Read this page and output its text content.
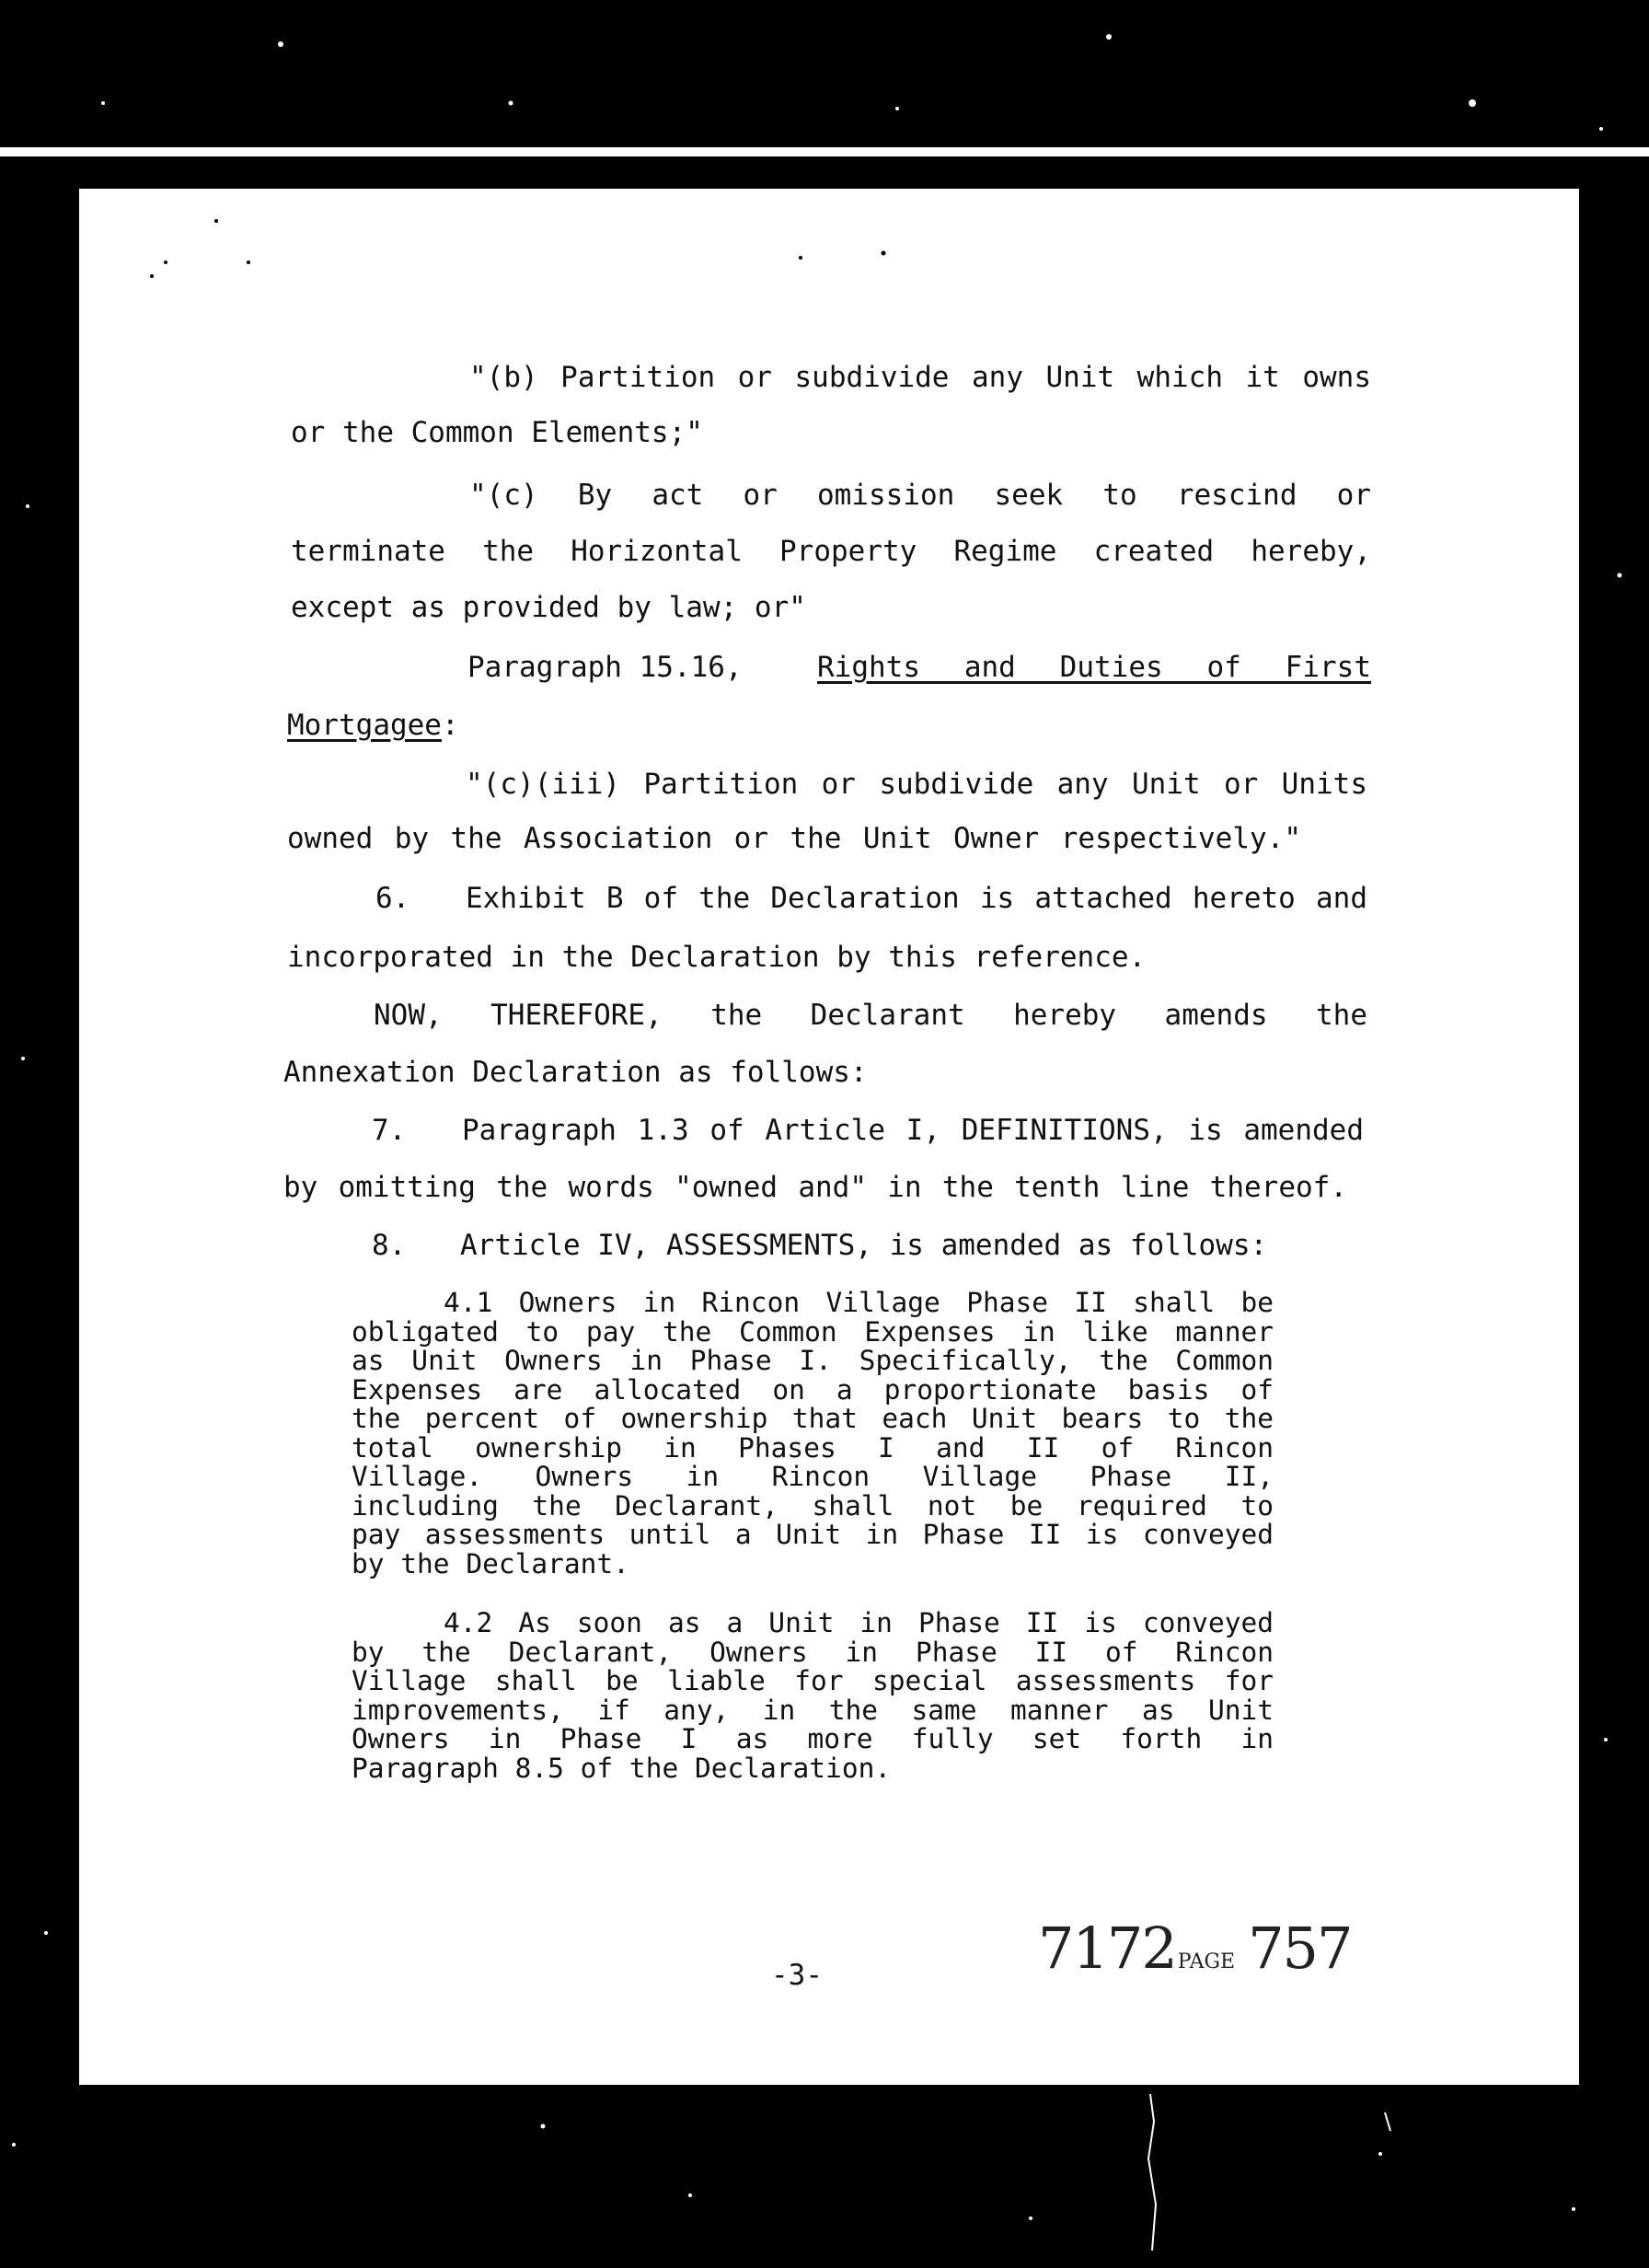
"(b) Partition or subdivide any Unit which it owns
or the Common Elements;"
"(c) By act or omission seek to rescind or
terminate the Horizontal Property Regime created hereby,
except as provided by law; or"
Paragraph 15.16,	Rights and Duties of First
Mortgagee:
"(c)(iii) Partition or subdivide any Unit or Units
owned by the Association or the Unit Owner respectively."
6. Exhibit B of the Declaration is attached hereto and
incorporated in the Declaration by this reference.
NOW, THEREFORE, the Declarant hereby amends the
Annexation Declaration as follows:
7. Paragraph 1.3 of Article I, DEFINITIONS, is amended
by omitting the words "owned and" in the tenth line thereof.
8. Article IV, ASSESSMENTS, is amended as follows:
4.1 Owners in Rincon Village Phase II shall be
obligated to pay the Common Expenses in like manner
as Unit Owners in Phase I. Specifically, the Common
Expenses are allocated on a proportionate basis of
the percent of ownership that each Unit bears to the
total ownership in Phases I and II of Rincon
Village. Owners in Rincon Village Phase II,
including the Declarant, shall not be required to
pay assessments until a Unit in Phase II is conveyed
by the Declarant.
4.2 As soon as a Unit in Phase II is conveyed
by the Declarant, Owners in Phase II of Rincon
Village shall be liable for special assessments for
improvements, if any, in the same manner as Unit
Owners in Phase I as more fully set forth in
Paragraph 8.5 of the Declaration.
-3-	7172PAGE 757
